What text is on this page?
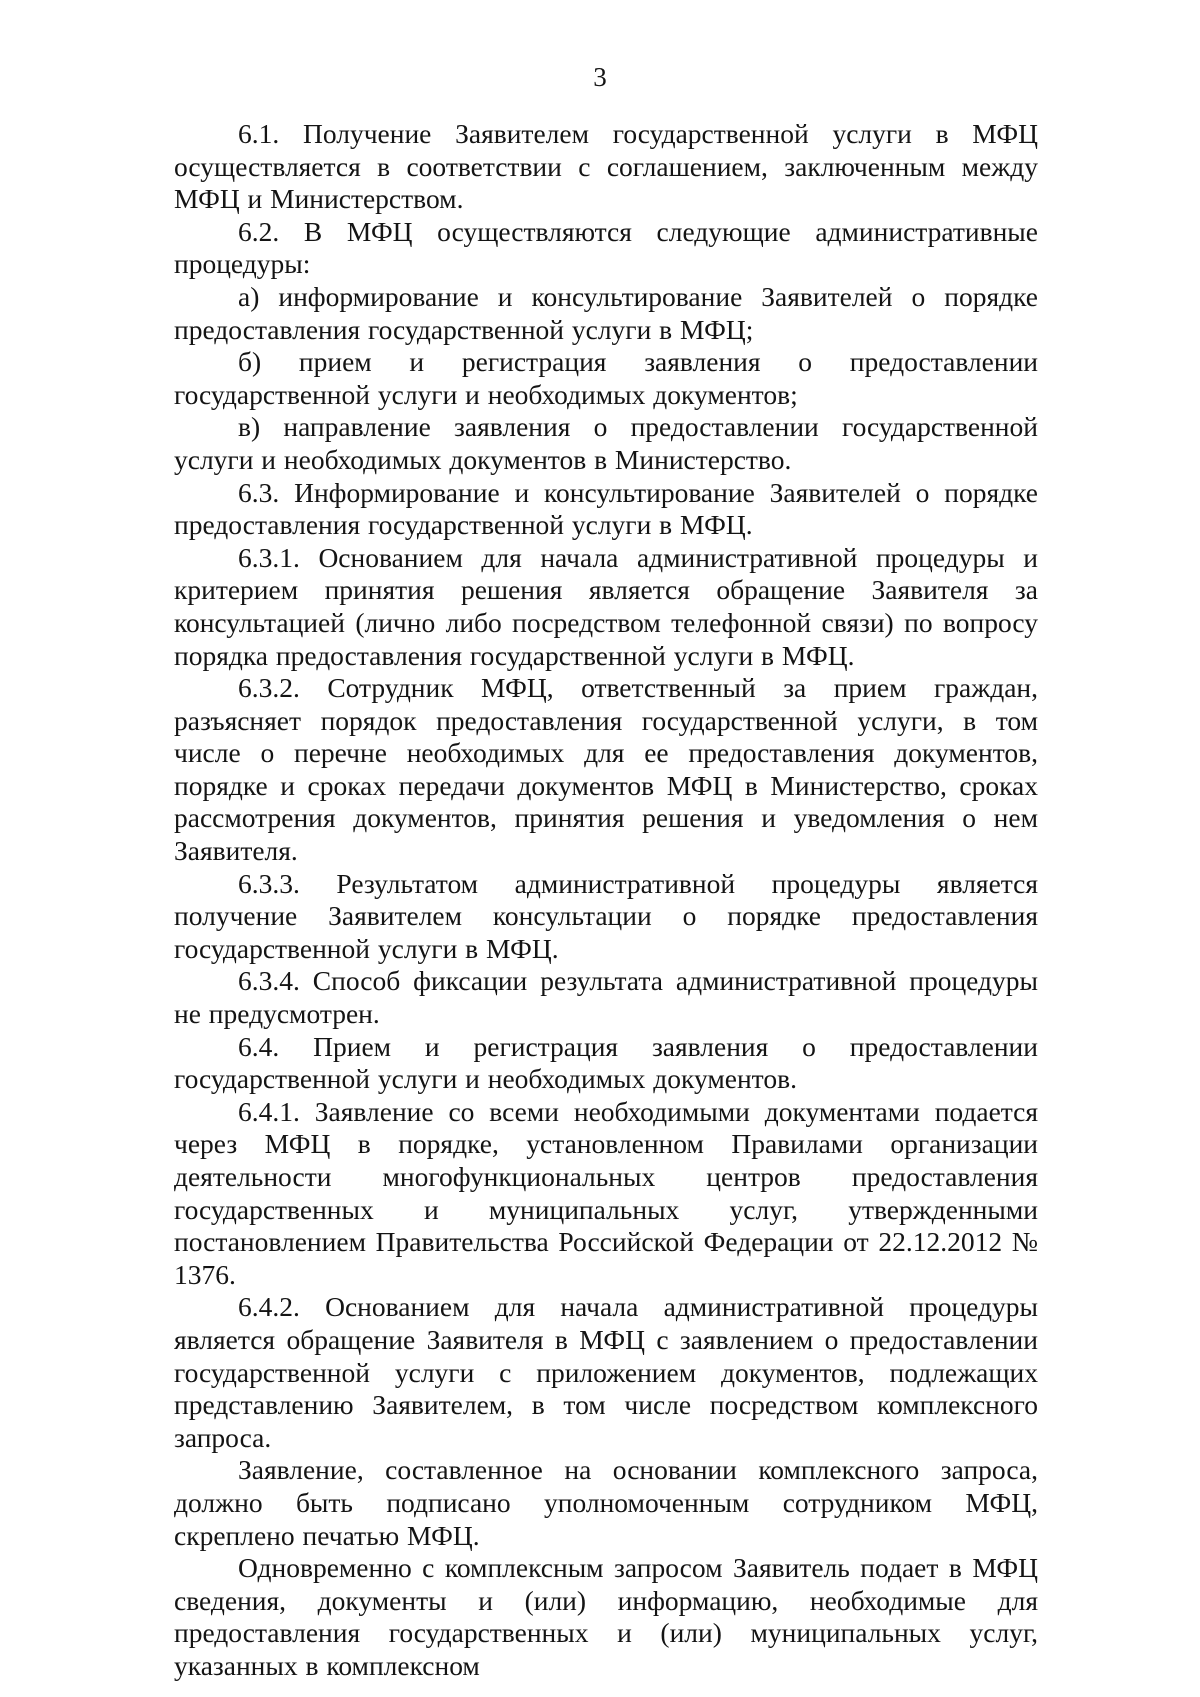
3

6.1. Получение Заявителем государственной услуги в МФЦ осуществляется в соответствии с соглашением, заключенным между МФЦ и Министерством.

6.2. В МФЦ осуществляются следующие административные процедуры:

а) информирование и консультирование Заявителей о порядке предоставления государственной услуги в МФЦ;

б) прием и регистрация заявления о предоставлении государственной услуги и необходимых документов;

в) направление заявления о предоставлении государственной услуги и необходимых документов в Министерство.

6.3. Информирование и консультирование Заявителей о порядке предоставления государственной услуги в МФЦ.

6.3.1. Основанием для начала административной процедуры и критерием принятия решения является обращение Заявителя за консультацией (лично либо посредством телефонной связи) по вопросу порядка предоставления государственной услуги в МФЦ.

6.3.2. Сотрудник МФЦ, ответственный за прием граждан, разъясняет порядок предоставления государственной услуги, в том числе о перечне необходимых для ее предоставления документов, порядке и сроках передачи документов МФЦ в Министерство, сроках рассмотрения документов, принятия решения и уведомления о нем Заявителя.

6.3.3. Результатом административной процедуры является получение Заявителем консультации о порядке предоставления государственной услуги в МФЦ.

6.3.4. Способ фиксации результата административной процедуры не предусмотрен.

6.4. Прием и регистрация заявления о предоставлении государственной услуги и необходимых документов.

6.4.1. Заявление со всеми необходимыми документами подается через МФЦ в порядке, установленном Правилами организации деятельности многофункциональных центров предоставления государственных и муниципальных услуг, утвержденными постановлением Правительства Российской Федерации от 22.12.2012 № 1376.

6.4.2. Основанием для начала административной процедуры является обращение Заявителя в МФЦ с заявлением о предоставлении государственной услуги с приложением документов, подлежащих представлению Заявителем, в том числе посредством комплексного запроса.

Заявление, составленное на основании комплексного запроса, должно быть подписано уполномоченным сотрудником МФЦ, скреплено печатью МФЦ.

Одновременно с комплексным запросом Заявитель подает в МФЦ сведения, документы и (или) информацию, необходимые для предоставления государственных и (или) муниципальных услуг, указанных в комплексном
